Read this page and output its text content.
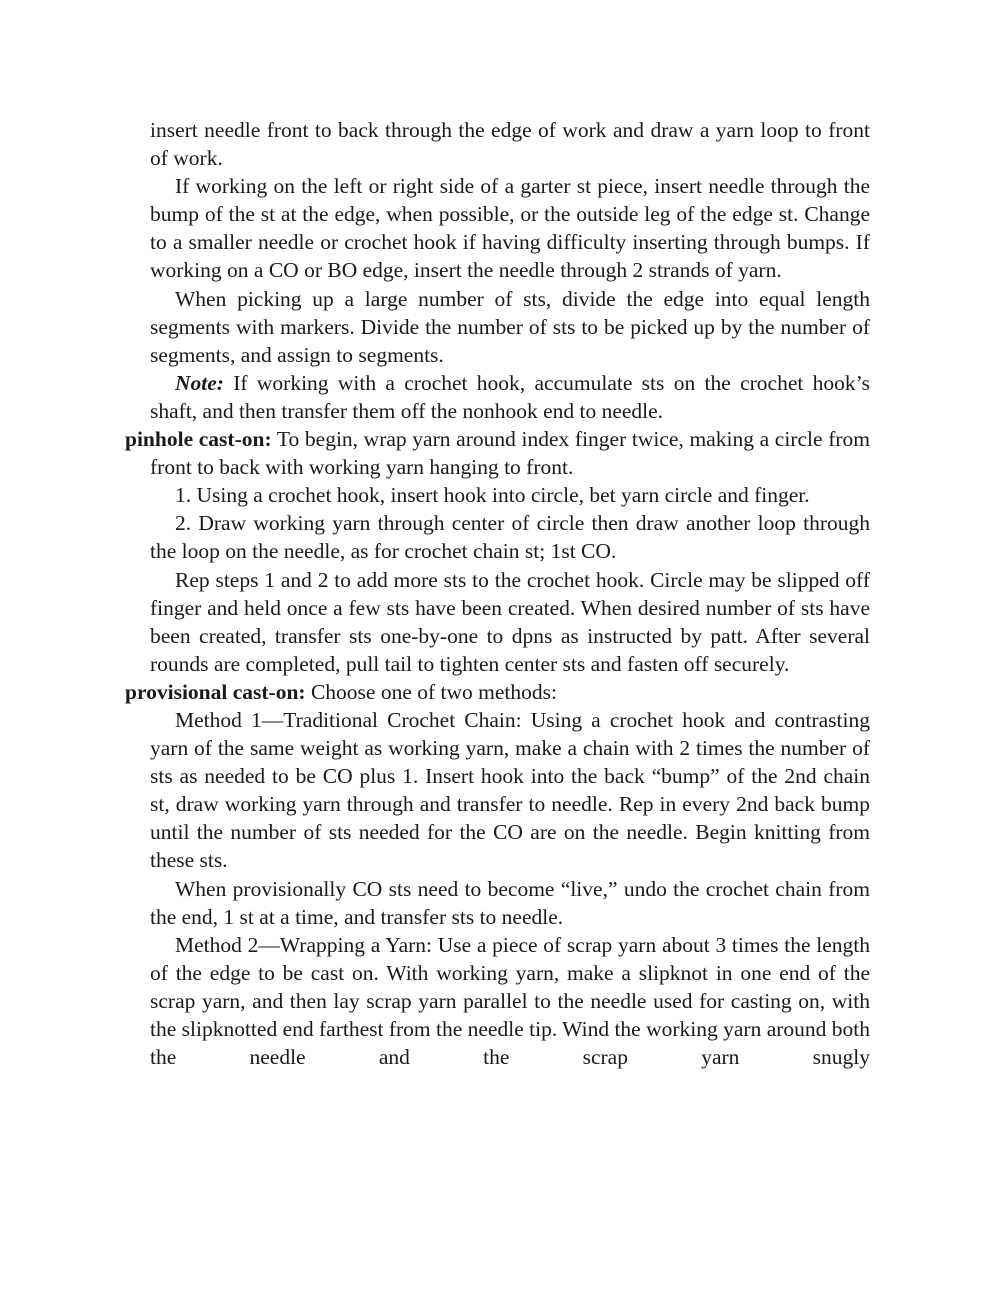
insert needle front to back through the edge of work and draw a yarn loop to front of work.

If working on the left or right side of a garter st piece, insert needle through the bump of the st at the edge, when possible, or the outside leg of the edge st. Change to a smaller needle or crochet hook if having difficulty inserting through bumps. If working on a CO or BO edge, insert the needle through 2 strands of yarn.

When picking up a large number of sts, divide the edge into equal length segments with markers. Divide the number of sts to be picked up by the number of segments, and assign to segments.

Note: If working with a crochet hook, accumulate sts on the crochet hook’s shaft, and then transfer them off the nonhook end to needle.

pinhole cast-on: To begin, wrap yarn around index finger twice, making a circle from front to back with working yarn hanging to front.

1. Using a crochet hook, insert hook into circle, bet yarn circle and finger.

2. Draw working yarn through center of circle then draw another loop through the loop on the needle, as for crochet chain st; 1st CO.

Rep steps 1 and 2 to add more sts to the crochet hook. Circle may be slipped off finger and held once a few sts have been created. When desired number of sts have been created, transfer sts one-by-one to dpns as instructed by patt. After several rounds are completed, pull tail to tighten center sts and fasten off securely.

provisional cast-on: Choose one of two methods:

Method 1—Traditional Crochet Chain: Using a crochet hook and contrasting yarn of the same weight as working yarn, make a chain with 2 times the number of sts as needed to be CO plus 1. Insert hook into the back “bump” of the 2nd chain st, draw working yarn through and transfer to needle. Rep in every 2nd back bump until the number of sts needed for the CO are on the needle. Begin knitting from these sts.

When provisionally CO sts need to become “live,” undo the crochet chain from the end, 1 st at a time, and transfer sts to needle.

Method 2—Wrapping a Yarn: Use a piece of scrap yarn about 3 times the length of the edge to be cast on. With working yarn, make a slipknot in one end of the scrap yarn, and then lay scrap yarn parallel to the needle used for casting on, with the slipknotted end farthest from the needle tip. Wind the working yarn around both the needle and the scrap yarn snugly
